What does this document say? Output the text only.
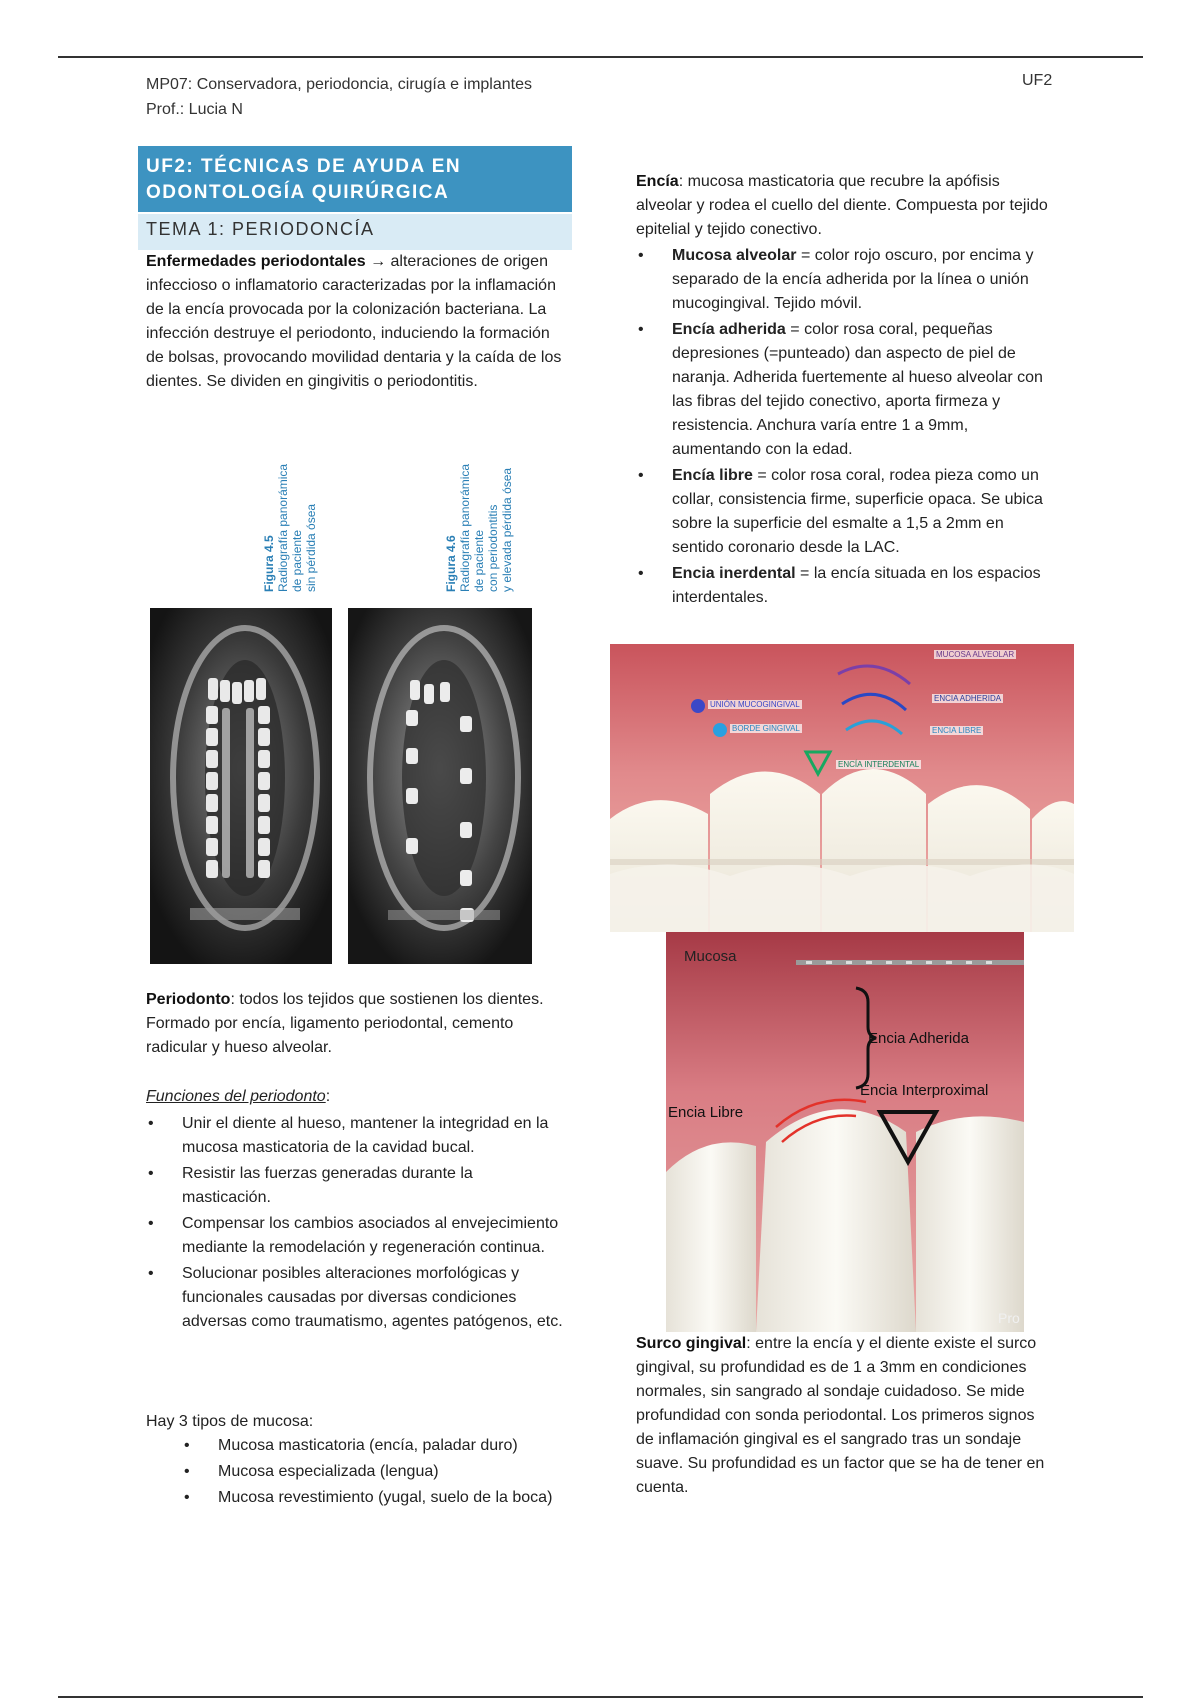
MP07: Conservadora, periodoncia, cirugía e implantes
Prof.: Lucia N
UF2
UF2: TÉCNICAS DE AYUDA EN
ODONTOLOGÍA QUIRÚRGICA
TEMA 1: PERIODONCÍA
Enfermedades periodontales → alteraciones de origen infeccioso o inflamatorio caracterizadas por la inflamación de la encía provocada por la colonización bacteriana. La infección destruye el periodonto, induciendo la formación de bolsas, provocando movilidad dentaria y la caída de los dientes. Se dividen en gingivitis o periodontitis.
Figura 4.5
Radiografía panorámica
de paciente
sin pérdida ósea	Figura 4.6
Radiografía panorámica
de paciente
con periodontitis
y elevada pérdida ósea
Periodonto: todos los tejidos que sostienen los dientes. Formado por encía, ligamento periodontal, cemento radicular y hueso alveolar.
Funciones del periodonto:
• Unir el diente al hueso, mantener la integridad en la mucosa masticatoria de la cavidad bucal.
• Resistir las fuerzas generadas durante la masticación.
• Compensar los cambios asociados al envejecimiento mediante la remodelación y regeneración continua.
• Solucionar posibles alteraciones morfológicas y funcionales causadas por diversas condiciones adversas como traumatismo, agentes patógenos, etc.
Hay 3 tipos de mucosa:
• Mucosa masticatoria (encía, paladar duro)
• Mucosa especializada (lengua)
• Mucosa revestimiento (yugal, suelo de la boca)
Encía: mucosa masticatoria que recubre la apófisis alveolar y rodea el cuello del diente. Compuesta por tejido epitelial y tejido conectivo.
• Mucosa alveolar = color rojo oscuro, por encima y separado de la encía adherida por la línea o unión mucogingival. Tejido móvil.
• Encía adherida = color rosa coral, pequeñas depresiones (=punteado) dan aspecto de piel de naranja. Adherida fuertemente al hueso alveolar con las fibras del tejido conectivo, aporta firmeza y resistencia. Anchura varía entre 1 a 9mm, aumentando con la edad.
• Encía libre = color rosa coral, rodea pieza como un collar, consistencia firme, superficie opaca. Se ubica sobre la superficie del esmalte a 1,5 a 2mm en sentido coronario desde la LAC.
• Encia inerdental = la encía situada en los espacios interdentales.
MUCOSA ALVEOLAR
ENCIA ADHERIDA
ENCIA LIBRE
UNIÓN MUCOGINGIVAL
BORDE GINGIVAL
ENCÍA INTERDENTAL
Mucosa
Encia Adherida
Encia Interproximal
Encia Libre
Pro
Surco gingival: entre la encía y el diente existe el surco gingival, su profundidad es de 1 a 3mm en condiciones normales, sin sangrado al sondaje cuidadoso. Se mide profundidad con sonda periodontal. Los primeros signos de inflamación gingival es el sangrado tras un sondaje suave. Su profundidad es un factor que se ha de tener en cuenta.
